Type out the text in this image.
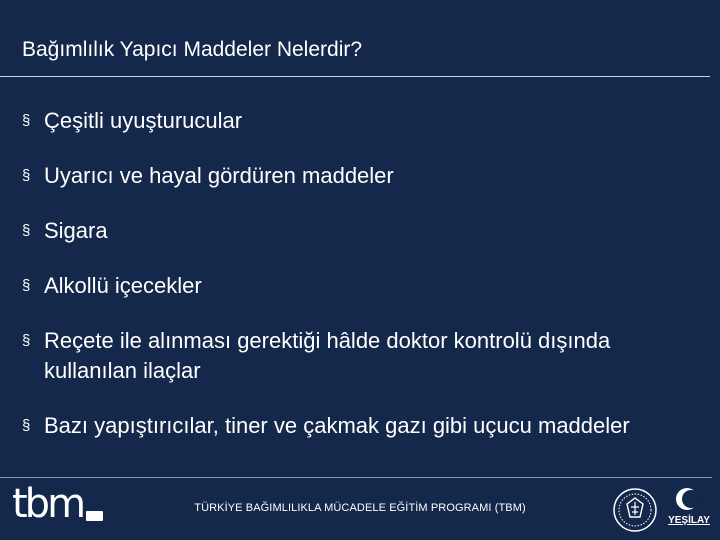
Bağımlılık Yapıcı Maddeler Nelerdir?
§ Çeşitli uyuşturucular
§ Uyarıcı ve hayal gördüren maddeler
§ Sigara
§ Alkollü içecekler
§ Reçete ile alınması gerektiği hâlde doktor kontrolü dışında kullanılan ilaçlar
§ Bazı yapıştırıcılar, tiner ve çakmak gazı gibi uçucu maddeler
tbm	TÜRKİYE BAĞIMLILIKLA MÜCADELE EĞİTİM PROGRAMI (TBM)
YEŞİLAY
